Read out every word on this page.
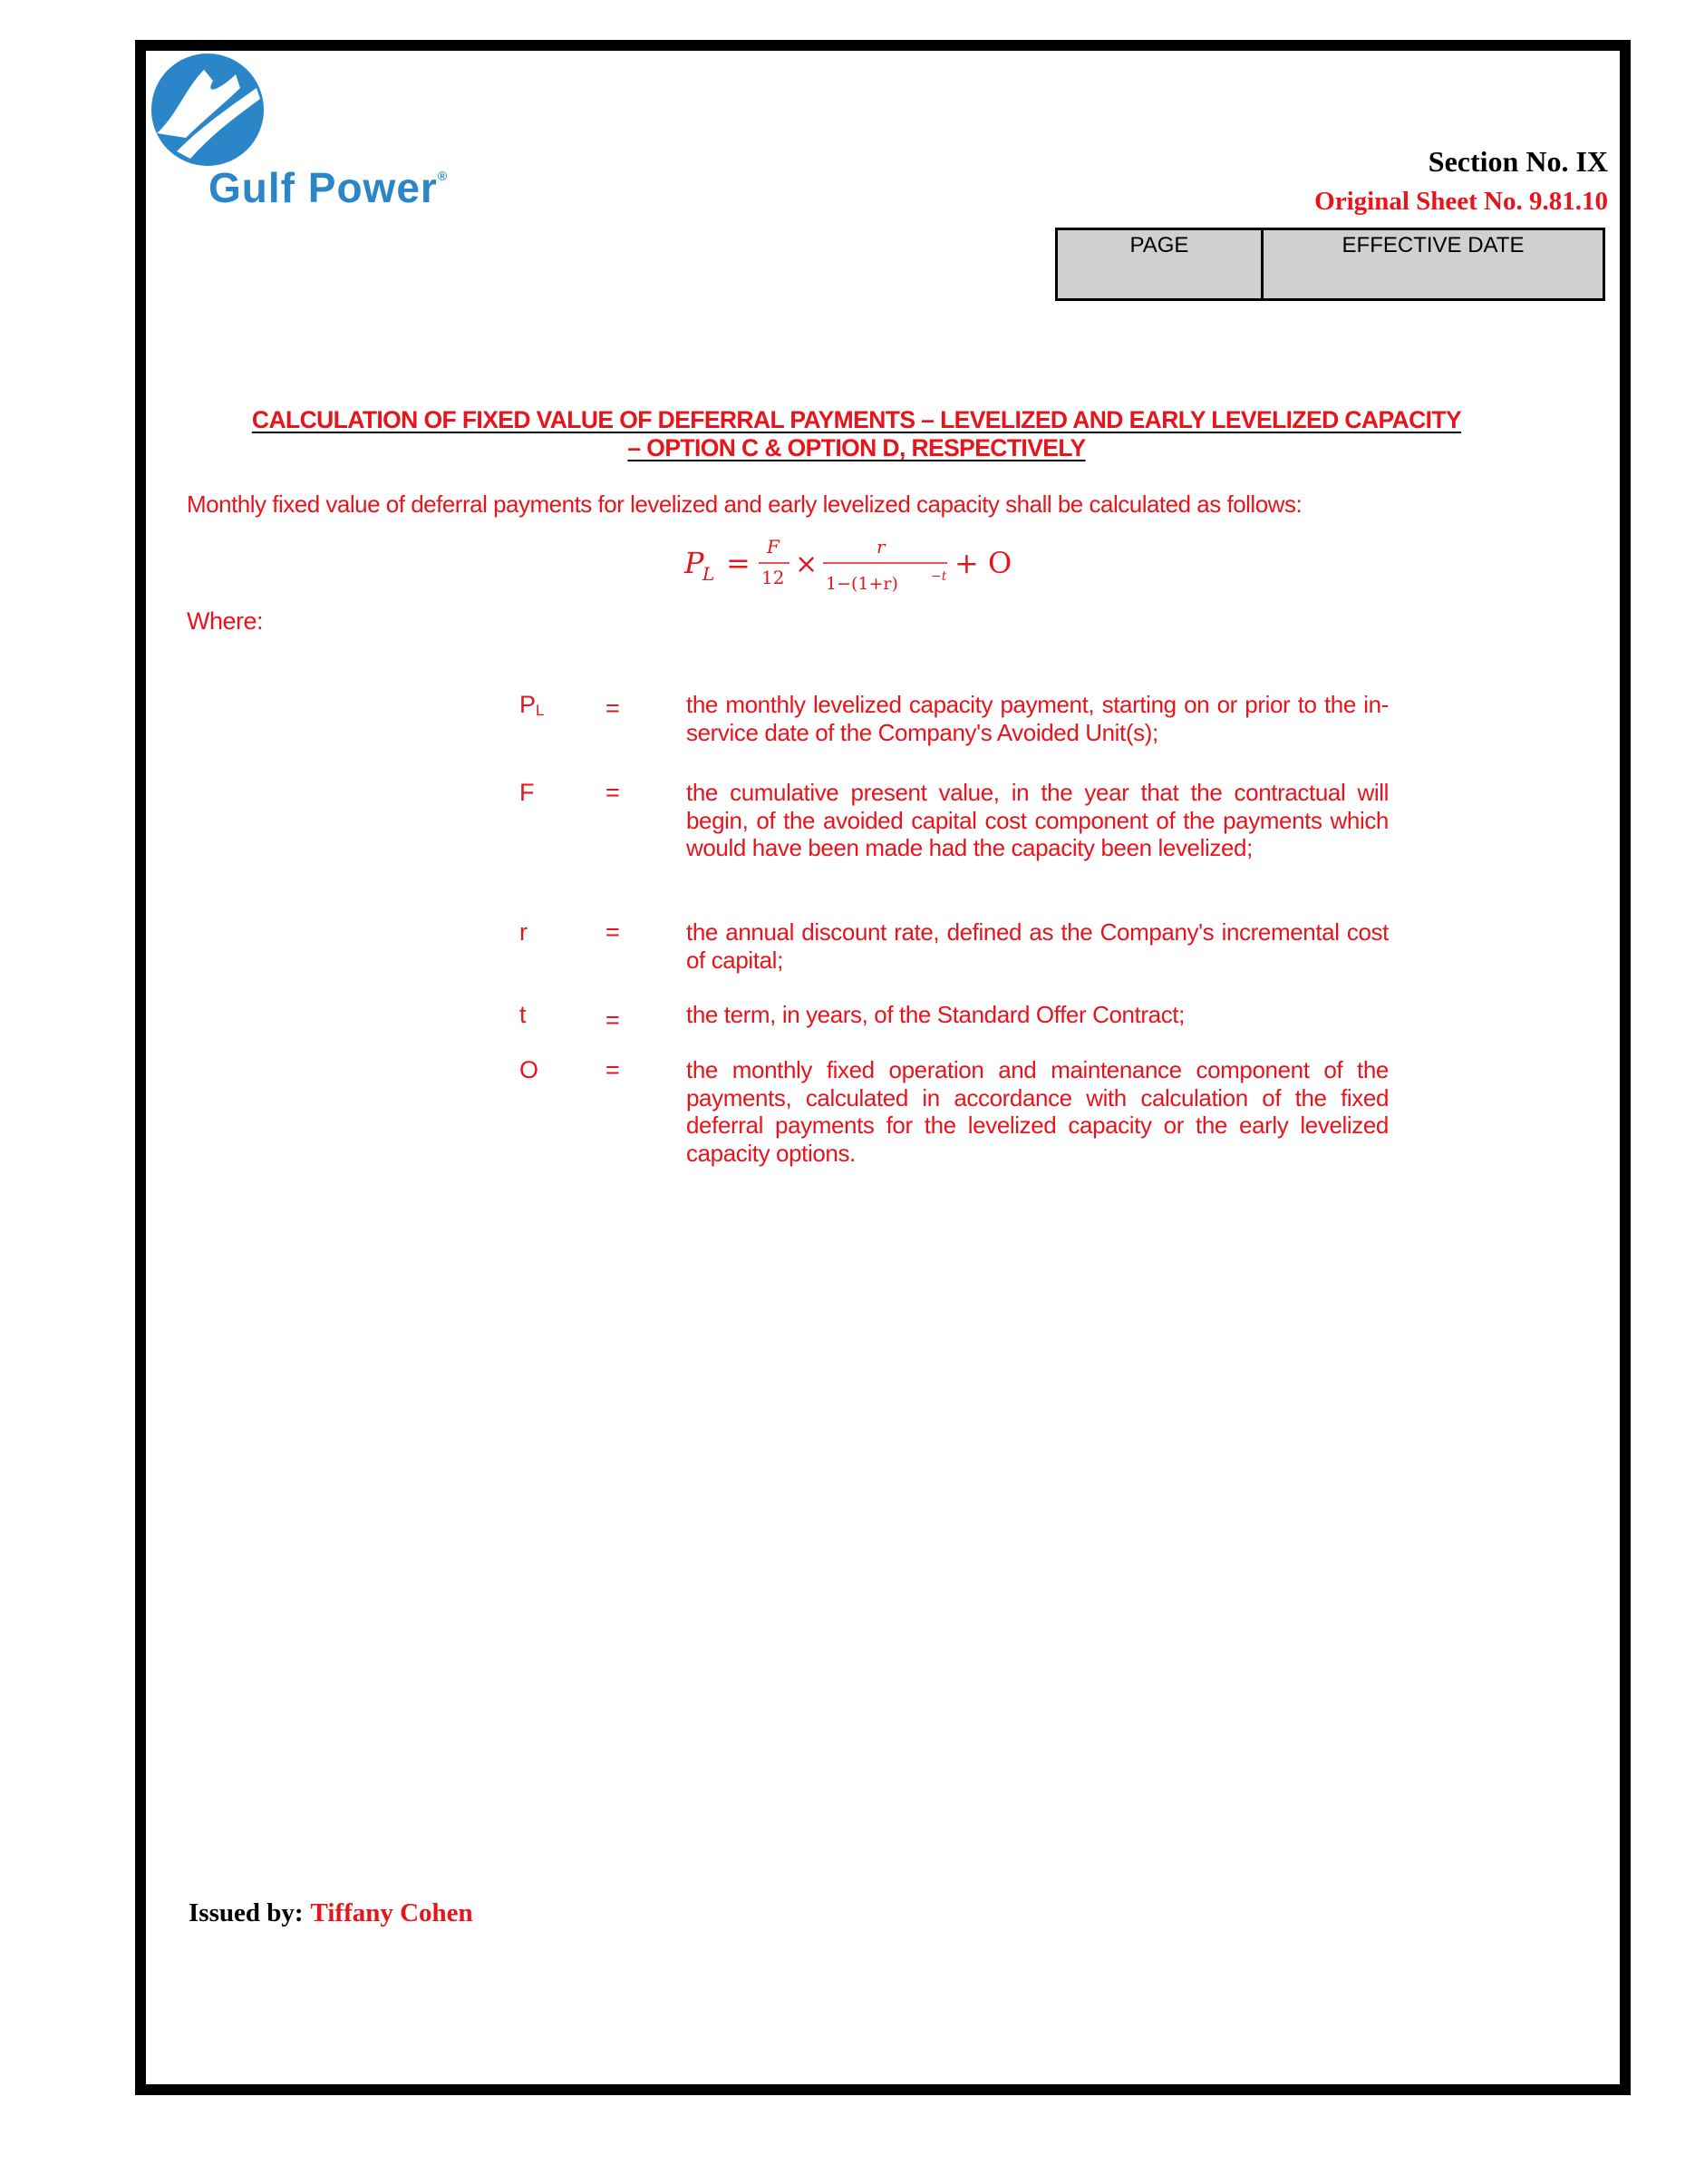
Gulf Power®	Section No. IX
Original Sheet No. 9.81.10
PAGE	EFFECTIVE DATE
CALCULATION OF FIXED VALUE OF DEFERRAL PAYMENTS – LEVELIZED AND EARLY LEVELIZED CAPACITY
– OPTION C & OPTION D, RESPECTIVELY
Monthly fixed value of deferral payments for levelized and early levelized capacity shall be calculated as follows:
P
L = F
12 ×
r
1−(1+r)	−t + O
Where:
$P_L$	=	the monthly levelized capacity payment, starting on or prior to the in- service date of the Company's Avoided Unit(s);
F	=	the cumulative present value, in the year that the contractual will begin, of the avoided capital cost component of the payments which would have been made had the capacity been levelized;
r	=	the annual discount rate, defined as the Company's incremental cost of capital;
t	=	the term, in years, of the Standard Offer Contract;
O	=	the monthly fixed operation and maintenance component of the payments, calculated in accordance with calculation of the fixed deferral payments for the levelized capacity or the early levelized capacity options.
Issued by: Tiffany Cohen
